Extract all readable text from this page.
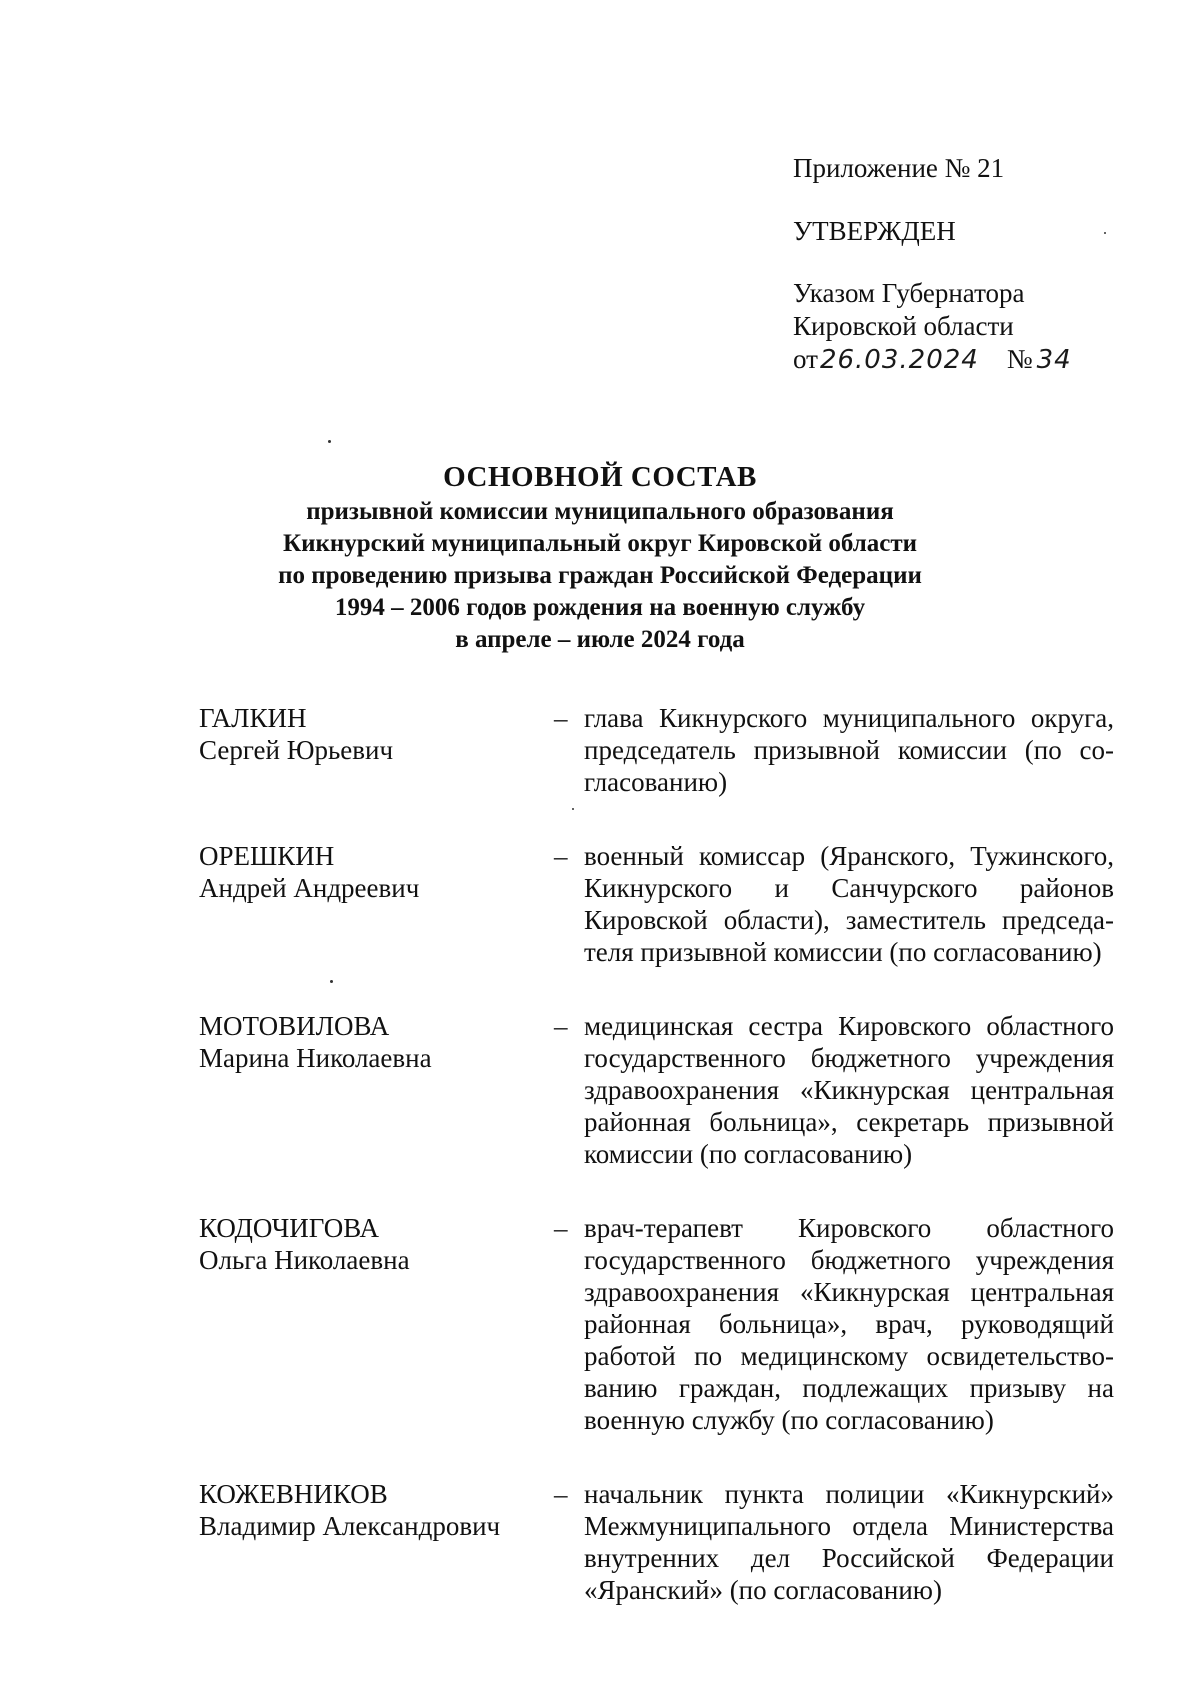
Приложение № 21
УТВЕРЖДЕН
Указом Губернатора
Кировской области
от26.03.2024 № 34
ОСНОВНОЙ СОСТАВ
призывной комиссии муниципального образования
Кикнурский муниципальный округ Кировской области
по проведению призыва граждан Российской Федерации
1994 – 2006 годов рождения на военную службу
в апреле – июле 2024 года
ГАЛКИН
Сергей Юрьевич
– глава Кикнурского муниципального округа, председатель призывной комиссии (по согласованию)
ОРЕШКИН
Андрей Андреевич
– военный комиссар (Яранского, Тужинского, Кикнурского и Санчурского районов Кировской области), заместитель председателя призывной комиссии (по согласованию)
МОТОВИЛОВА
Марина Николаевна
– медицинская сестра Кировского областного государственного бюджетного учреждения здравоохранения «Кикнурская центральная районная больница», секретарь призывной комиссии (по согласованию)
КОДОЧИГОВА
Ольга Николаевна
– врач-терапевт Кировского областного государственного бюджетного учреждения здравоохранения «Кикнурская центральная районная больница», врач, руководящий работой по медицинскому освидетельствованию граждан, подлежащих призыву на военную службу (по согласованию)
КОЖЕВНИКОВ
Владимир Александрович
– начальник пункта полиции «Кикнурский» Межмуниципального отдела Министерства внутренних дел Российской Федерации «Яранский» (по согласованию)
